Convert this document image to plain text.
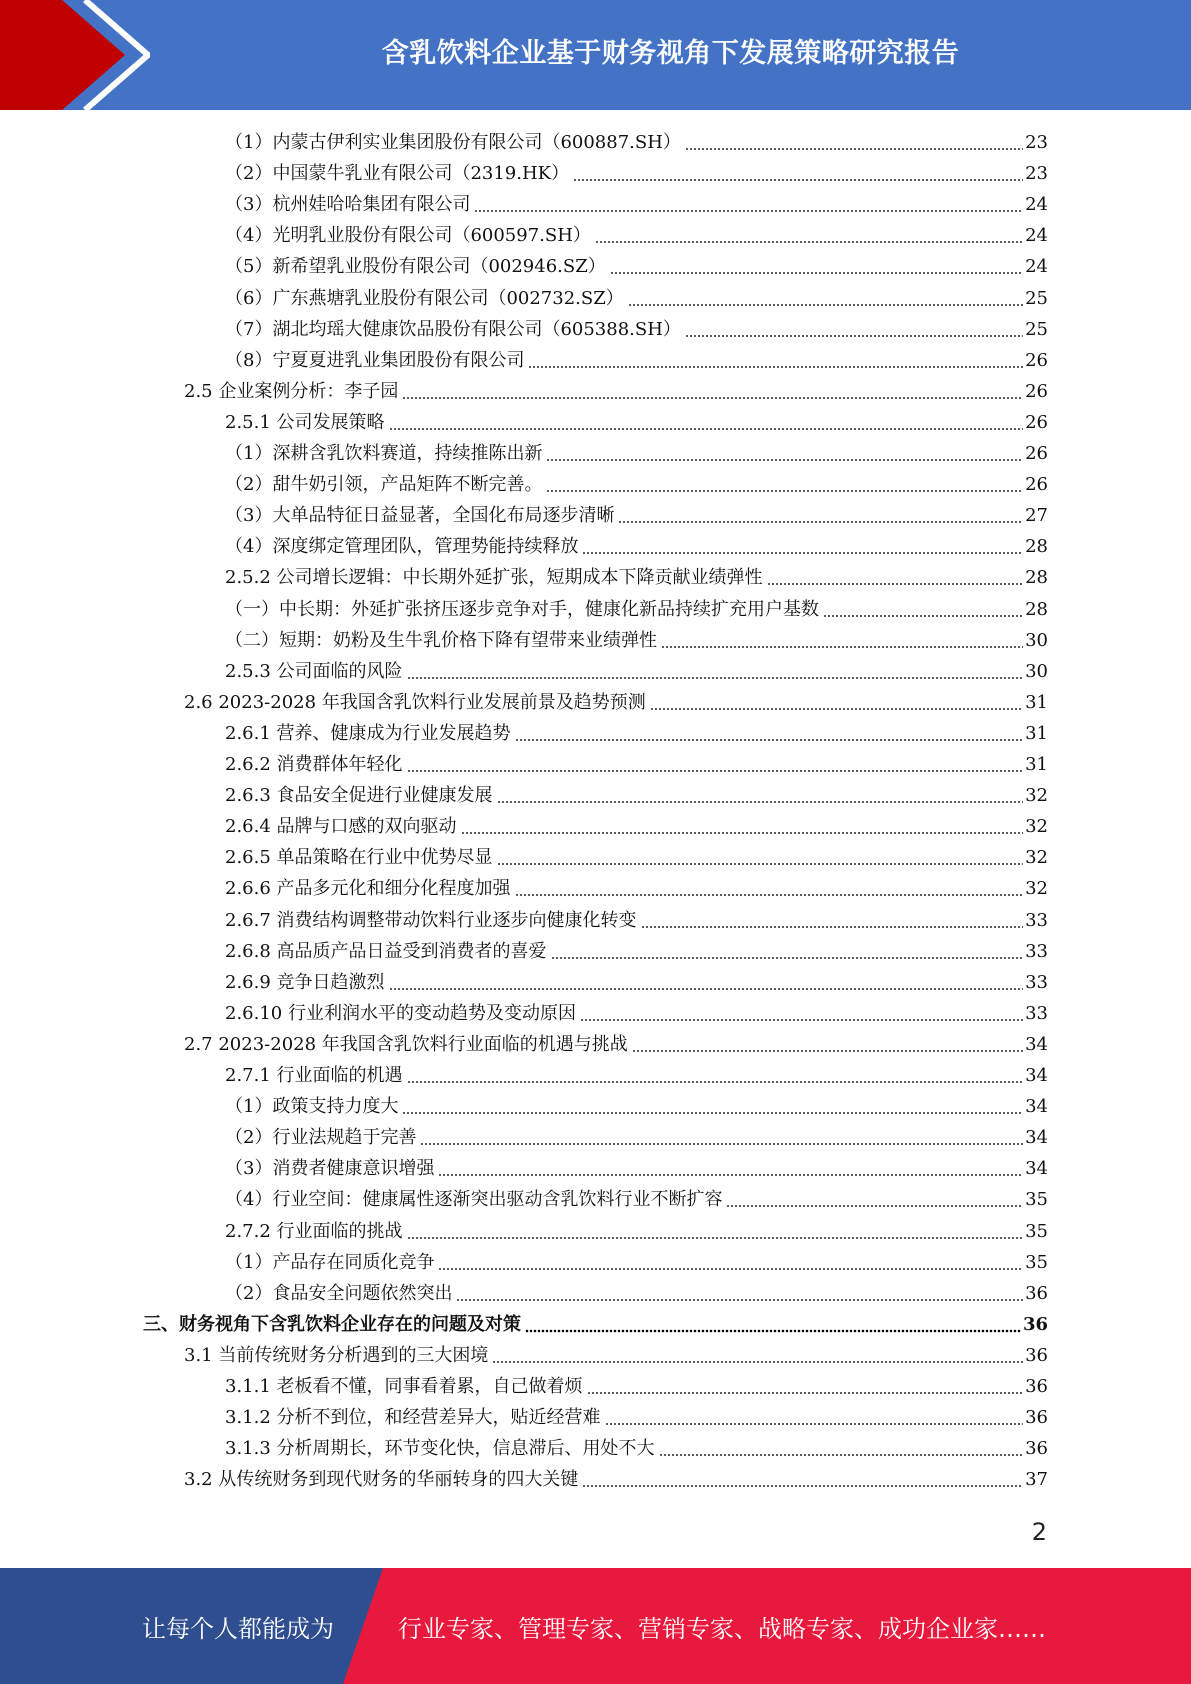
含乳饮料企业基于财务视角下发展策略研究报告
（1）内蒙古伊利实业集团股份有限公司（600887.SH）	23
（2）中国蒙牛乳业有限公司（2319.HK）	23
（3）杭州娃哈哈集团有限公司	24
（4）光明乳业股份有限公司（600597.SH）	24
（5）新希望乳业股份有限公司（002946.SZ）	24
（6）广东燕塘乳业股份有限公司（002732.SZ）	25
（7）湖北均瑶大健康饮品股份有限公司（605388.SH）	25
（8）宁夏夏进乳业集团股份有限公司	26
2.5 企业案例分析：李子园	26
2.5.1 公司发展策略	26
（1）深耕含乳饮料赛道，持续推陈出新	26
（2）甜牛奶引领，产品矩阵不断完善。	26
（3）大单品特征日益显著，全国化布局逐步清晰	27
（4）深度绑定管理团队，管理势能持续释放	28
2.5.2 公司增长逻辑：中长期外延扩张，短期成本下降贡献业绩弹性	28
（一）中长期：外延扩张挤压逐步竞争对手，健康化新品持续扩充用户基数	28
（二）短期：奶粉及生牛乳价格下降有望带来业绩弹性	30
2.5.3 公司面临的风险	30
2.6 2023-2028 年我国含乳饮料行业发展前景及趋势预测	31
2.6.1 营养、健康成为行业发展趋势	31
2.6.2 消费群体年轻化	31
2.6.3 食品安全促进行业健康发展	32
2.6.4 品牌与口感的双向驱动	32
2.6.5 单品策略在行业中优势尽显	32
2.6.6 产品多元化和细分化程度加强	32
2.6.7 消费结构调整带动饮料行业逐步向健康化转变	33
2.6.8 高品质产品日益受到消费者的喜爱	33
2.6.9 竞争日趋激烈	33
2.6.10 行业利润水平的变动趋势及变动原因	33
2.7 2023-2028 年我国含乳饮料行业面临的机遇与挑战	34
2.7.1 行业面临的机遇	34
（1）政策支持力度大	34
（2）行业法规趋于完善	34
（3）消费者健康意识增强	34
（4）行业空间：健康属性逐渐突出驱动含乳饮料行业不断扩容	35
2.7.2 行业面临的挑战	35
（1）产品存在同质化竞争	35
（2）食品安全问题依然突出	36
三、财务视角下含乳饮料企业存在的问题及对策	36
3.1 当前传统财务分析遇到的三大困境	36
3.1.1 老板看不懂，同事看着累，自己做着烦	36
3.1.2 分析不到位，和经营差异大，贴近经营难	36
3.1.3 分析周期长，环节变化快，信息滞后、用处不大	36
3.2 从传统财务到现代财务的华丽转身的四大关键	37
2
让每个人都能成为	行业专家、管理专家、营销专家、战略专家、成功企业家……
